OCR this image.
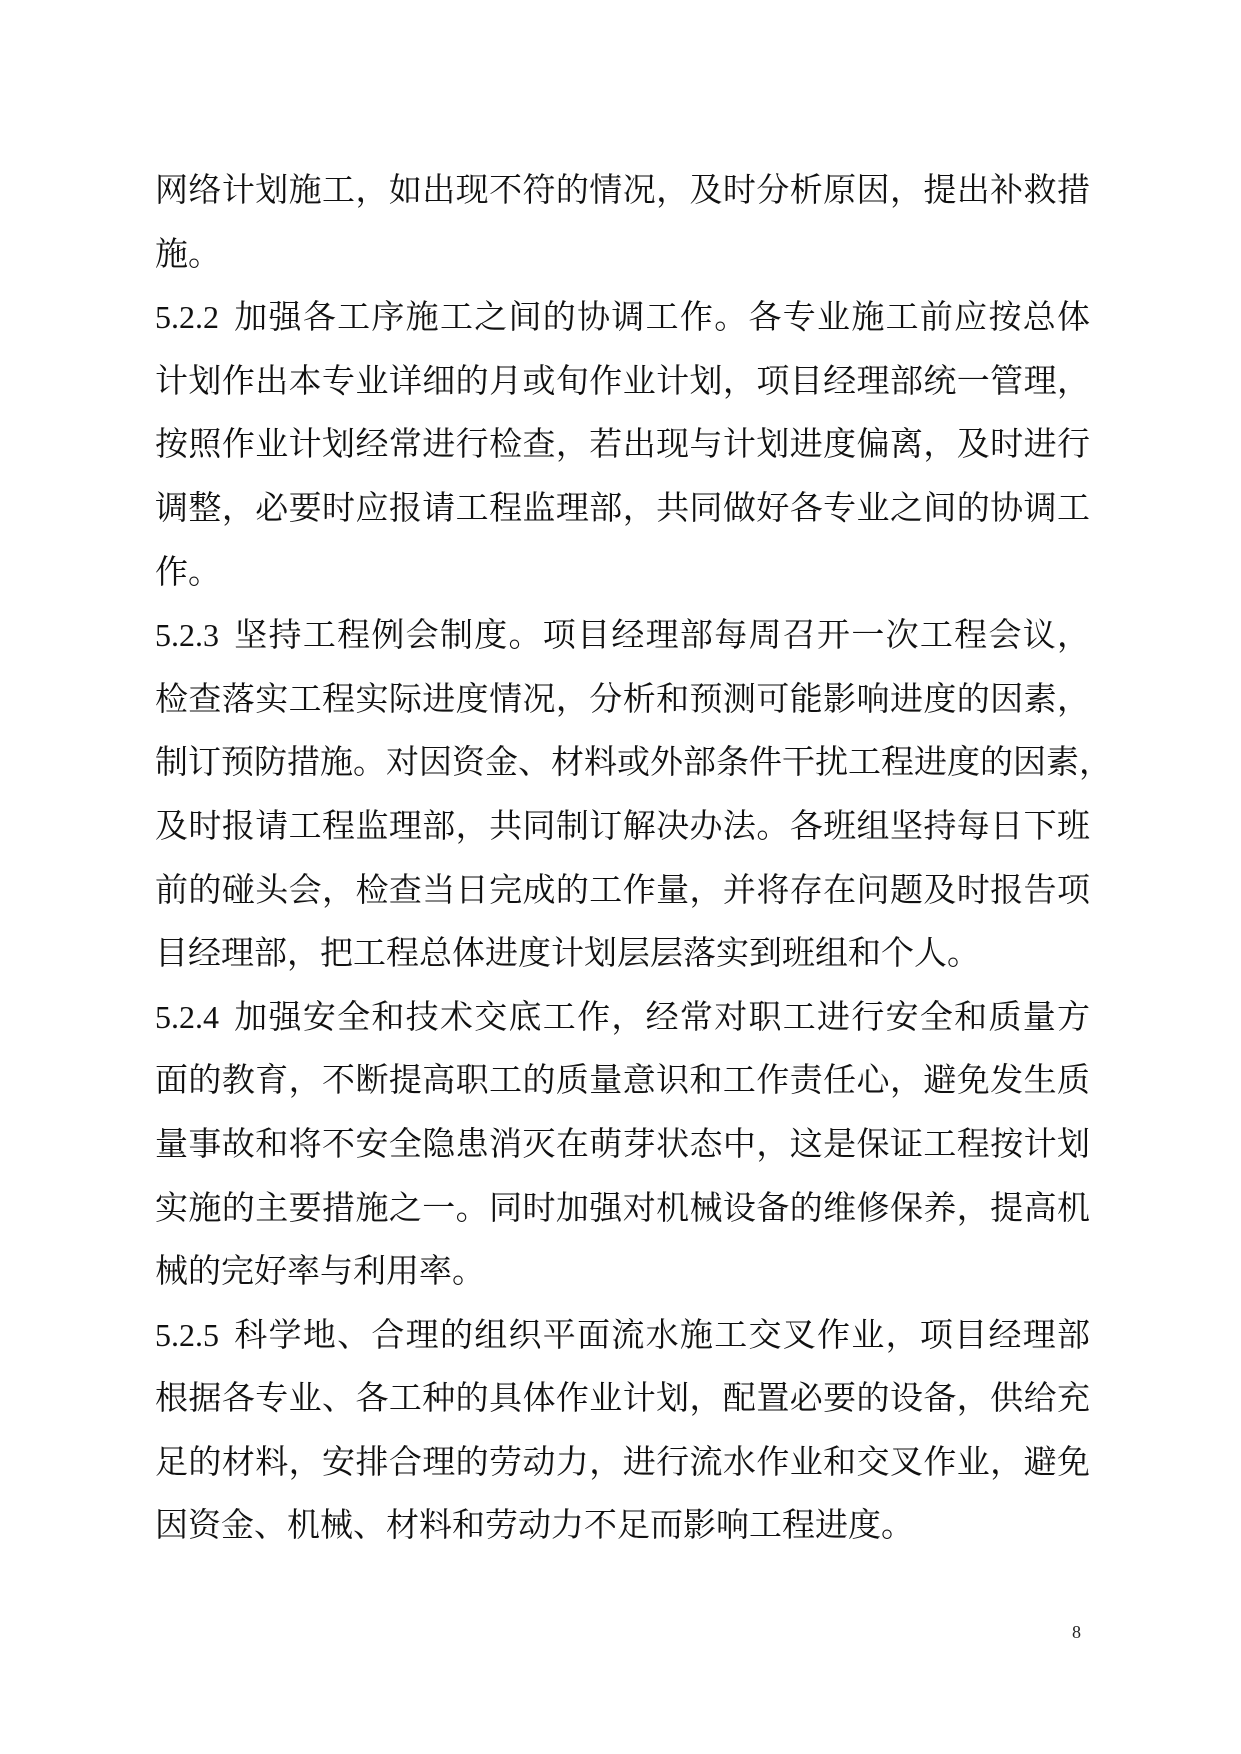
网络计划施工，如出现不符的情况，及时分析原因，提出补救措
施。
5.2.2 加强各工序施工之间的协调工作。各专业施工前应按总体
计划作出本专业详细的月或旬作业计划，项目经理部统一管理，
按照作业计划经常进行检查，若出现与计划进度偏离，及时进行
调整，必要时应报请工程监理部，共同做好各专业之间的协调工
作。
5.2.3 坚持工程例会制度。项目经理部每周召开一次工程会议，
检查落实工程实际进度情况，分析和预测可能影响进度的因素，
制订预防措施。对因资金、材料或外部条件干扰工程进度的因素，
及时报请工程监理部，共同制订解决办法。各班组坚持每日下班
前的碰头会，检查当日完成的工作量，并将存在问题及时报告项
目经理部，把工程总体进度计划层层落实到班组和个人。
5.2.4 加强安全和技术交底工作，经常对职工进行安全和质量方
面的教育，不断提高职工的质量意识和工作责任心，避免发生质
量事故和将不安全隐患消灭在萌芽状态中，这是保证工程按计划
实施的主要措施之一。同时加强对机械设备的维修保养，提高机
械的完好率与利用率。
5.2.5 科学地、合理的组织平面流水施工交叉作业，项目经理部
根据各专业、各工种的具体作业计划，配置必要的设备，供给充
足的材料，安排合理的劳动力，进行流水作业和交叉作业，避免
因资金、机械、材料和劳动力不足而影响工程进度。
8
